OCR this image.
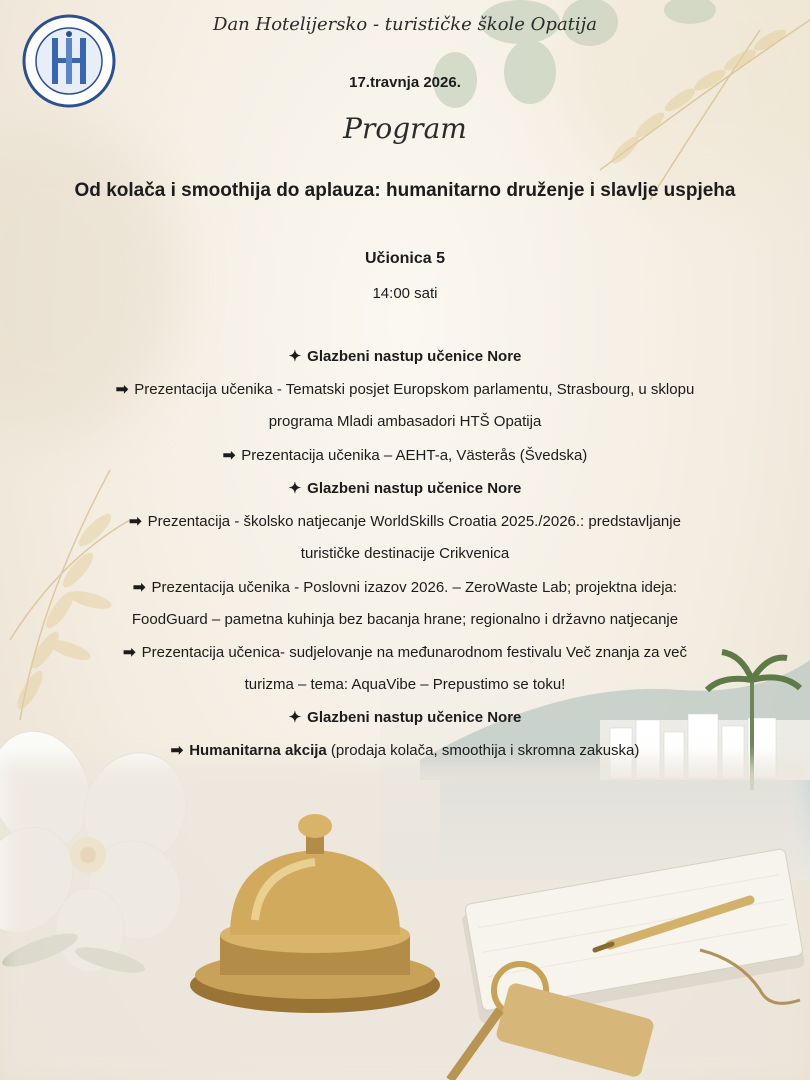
Dan Hotelijersko - turističke škole Opatija
17.travnja 2026.
Program
Od kolača i smoothija do aplauza: humanitarno druženje i slavlje uspjeha
Učionica 5
14:00 sati
✦ Glazbeni nastup učenice Nore
➡ Prezentacija učenika - Tematski posjet Europskom parlamentu, Strasbourg, u sklopu
programa Mladi ambasadori HTŠ Opatija
➡ Prezentacija učenika – AEHT-a, Västerås (Švedska)
✦ Glazbeni nastup učenice Nore
➡ Prezentacija - školsko natjecanje WorldSkills Croatia 2025./2026.: predstavljanje
turističke destinacije Crikvenica
➡ Prezentacija učenika - Poslovni izazov 2026. – ZeroWaste Lab; projektna ideja:
FoodGuard – pametna kuhinja bez bacanja hrane; regionalno i državno natjecanje
➡ Prezentacija učenica- sudjelovanje na međunarodnom festivalu Več znanja za več
turizma – tema: AquaVibe – Prepustimo se toku!
✦ Glazbeni nastup učenice Nore
➡ Humanitarna akcija (prodaja kolača, smoothija i skromna zakuska)
